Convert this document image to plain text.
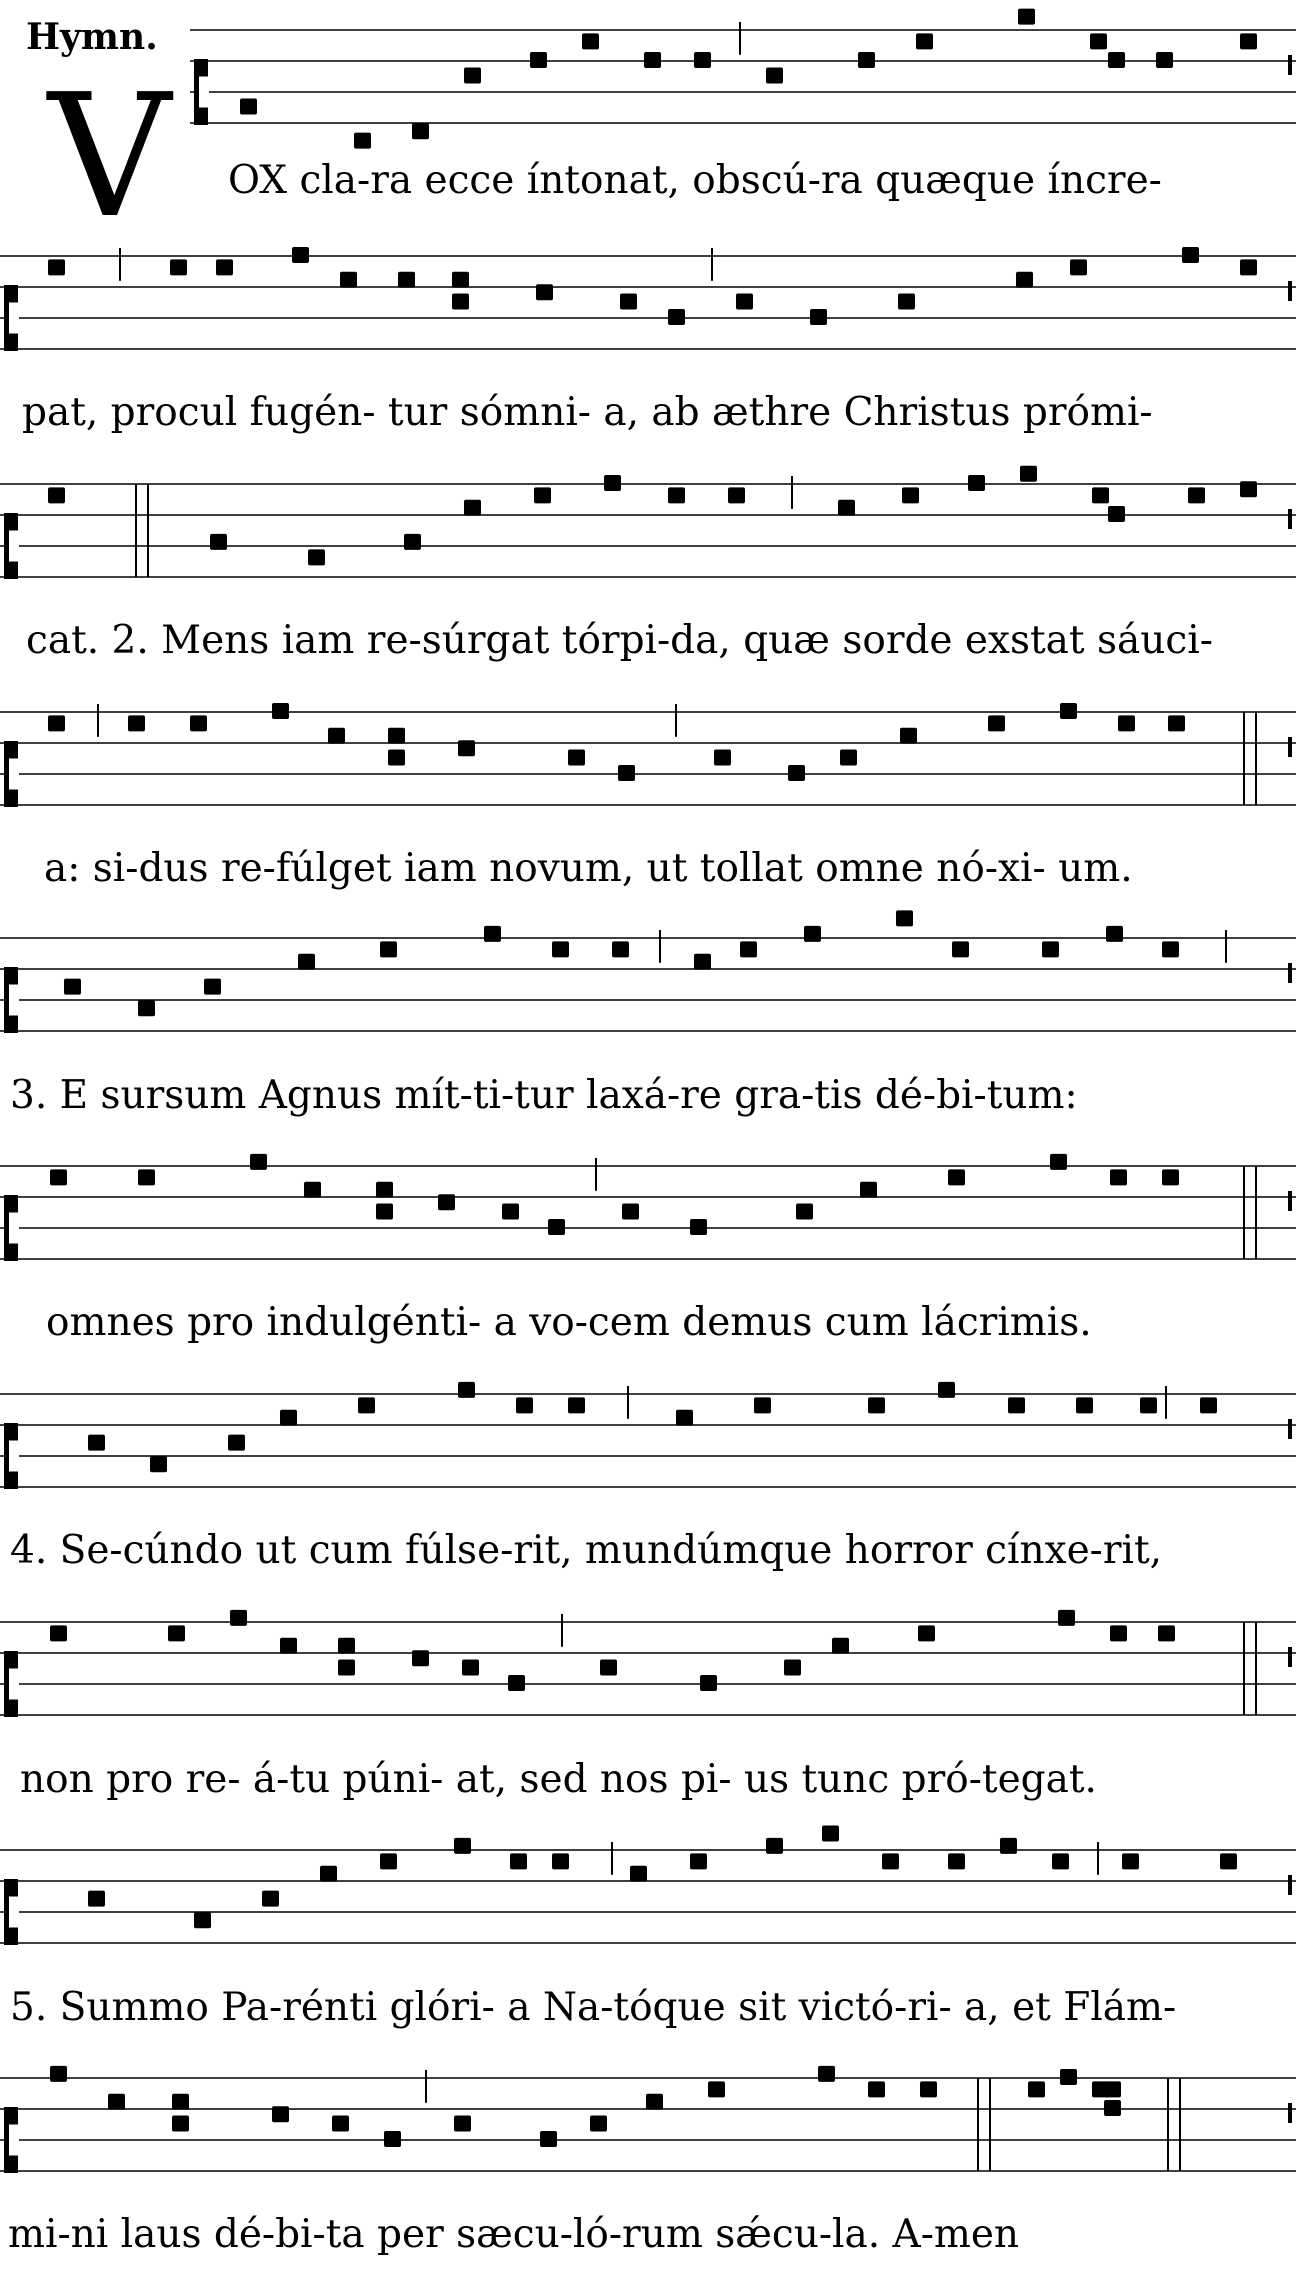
Hymn.
V OX cla-ra ecce íntonat, obscú-ra quæque íncre-
pat, procul fugén- tur sómni- a, ab æthre Christus prómi-
cat. 2. Mens iam re-súrgat tórpi-da, quæ sorde exstat sáuci-
a: si-dus re-fúlget iam novum, ut tollat omne nó-xi- um.
3. E sursum Agnus mít-ti-tur laxá-re gra-tis dé-bi-tum:
omnes pro indulgénti- a vo-cem demus cum lácrimis.
4. Se-cúndo ut cum fúlse-rit, mundúmque horror cínxe-rit,
non pro re- á-tu púni- at, sed nos pi- us tunc pró-tegat.
5. Summo Pa-rénti glóri- a Na-tóque sit victó-ri- a, et Flám-
mi-ni laus dé-bi-ta per sæcu-ló-rum sǽcu-la. A-men
